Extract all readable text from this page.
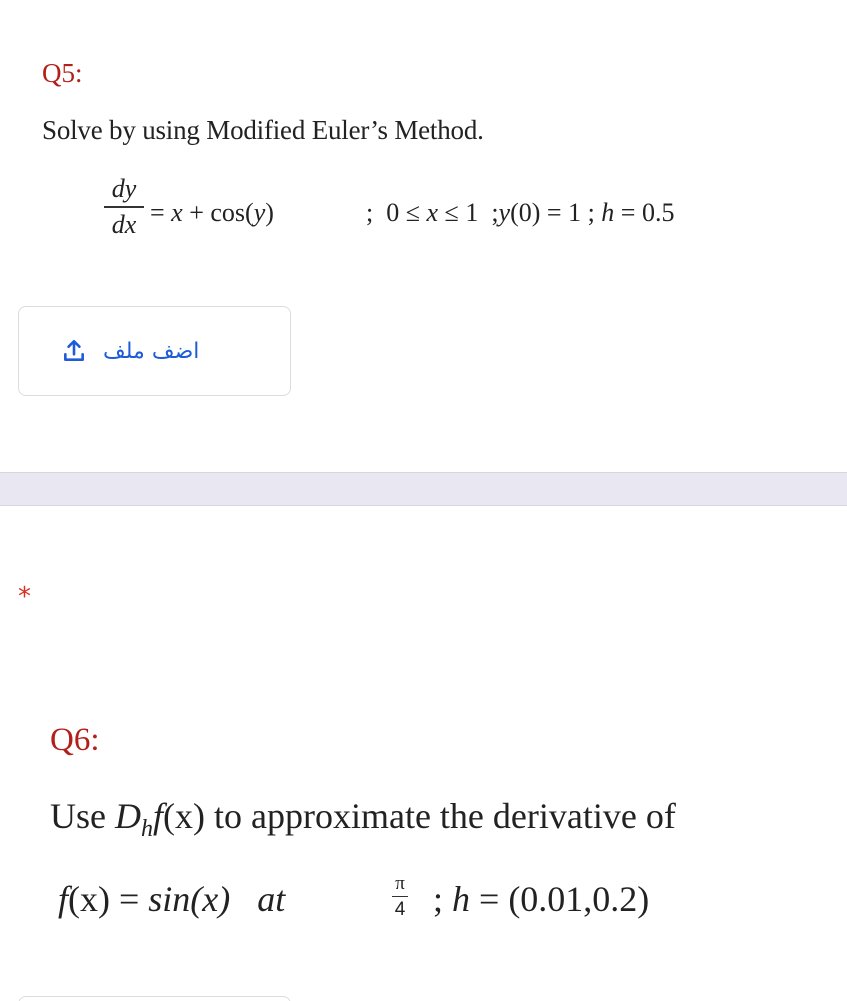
Q5:
Solve by using Modified Euler’s Method.
dy
dx = x + cos(y)	;  0 ≤ x ≤ 1  ;y(0) = 1 ; h = 0.5
اضف ملف
*
Q6:
Use $D_hf(x)$ to approximate the derivative of
f(x) = sin(x) at	π
4 ; h = (0.01,0.2)
